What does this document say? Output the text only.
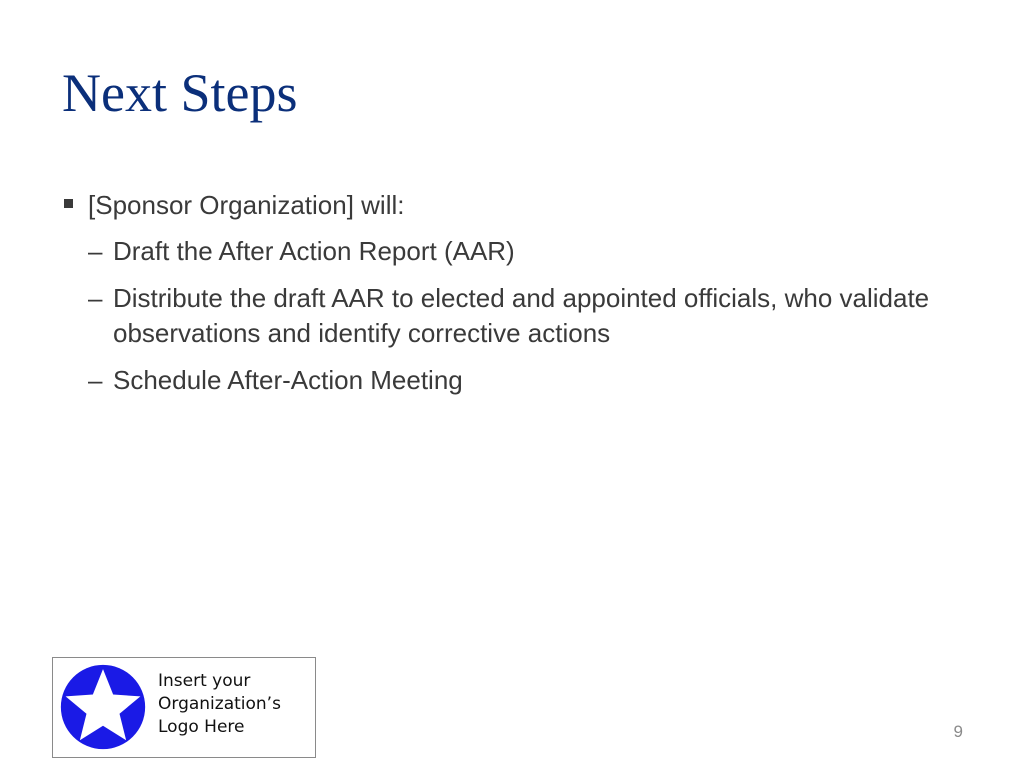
Next Steps
[Sponsor Organization] will:
– Draft the After Action Report (AAR)
– Distribute the draft AAR to elected and appointed officials, who validate observations and identify corrective actions
– Schedule After-Action Meeting
Insert your
Organization’s
Logo Here	9
